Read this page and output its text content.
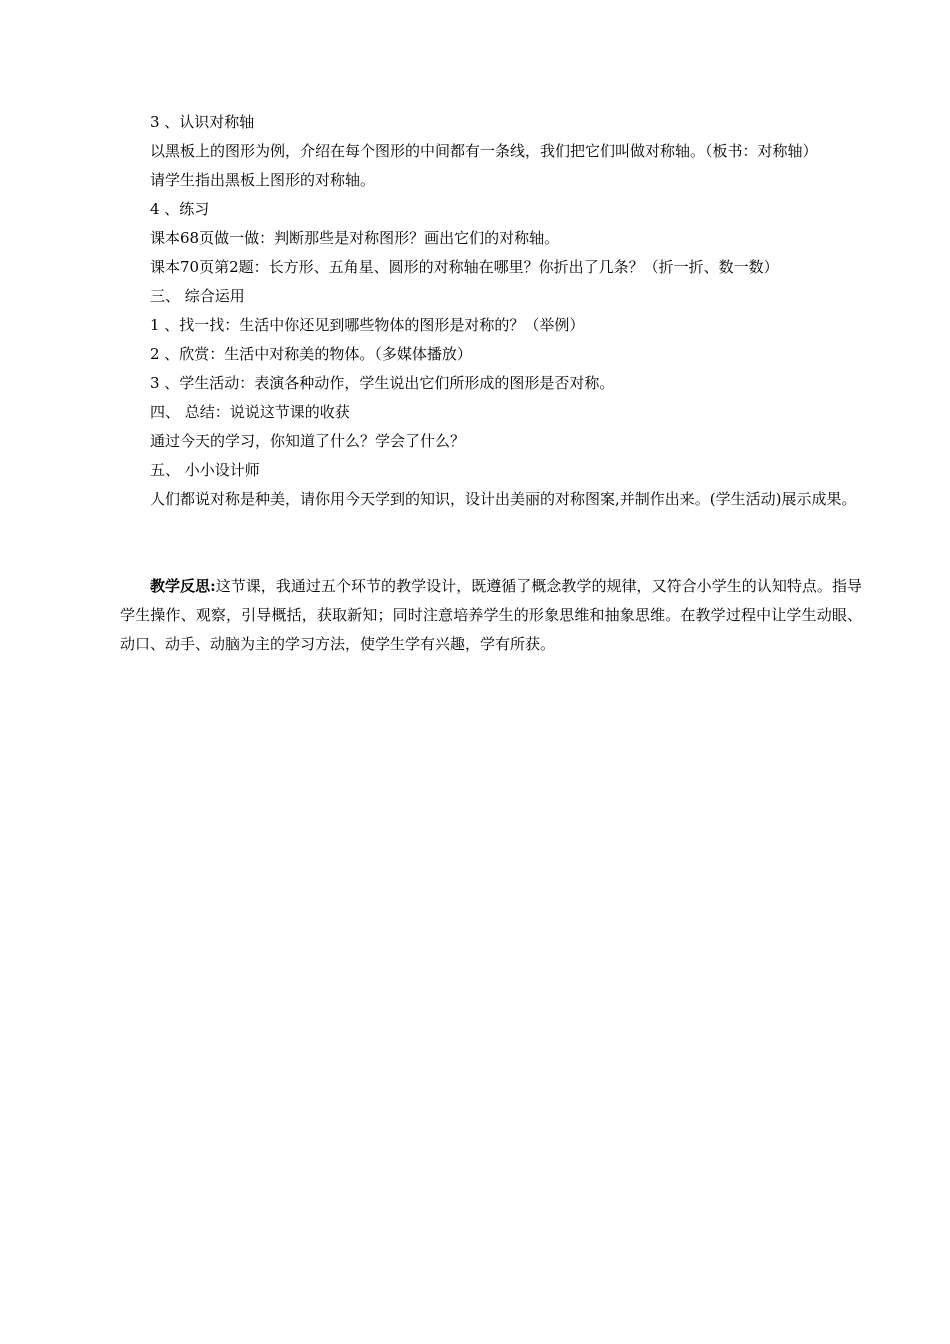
3 、认识对称轴

以黑板上的图形为例，介绍在每个图形的中间都有一条线，我们把它们叫做对称轴。（板书：对称轴）

请学生指出黑板上图形的对称轴。

4 、练习

课本68页做一做：判断那些是对称图形？画出它们的对称轴。

课本70页第2题：长方形、五角星、圆形的对称轴在哪里？你折出了几条？（折一折、数一数）

三、 综合运用

1 、找一找：生活中你还见到哪些物体的图形是对称的？（举例）

2 、欣赏：生活中对称美的物体。（多媒体播放）

3 、学生活动：表演各种动作，学生说出它们所形成的图形是否对称。

四、 总结：说说这节课的收获

通过今天的学习，你知道了什么？学会了什么？

五、 小小设计师

人们都说对称是种美，请你用今天学到的知识，设计出美丽的对称图案,并制作出来。(学生活动)展示成果。

教学反思:这节课，我通过五个环节的教学设计，既遵循了概念教学的规律，又符合小学生的认知特点。指导学生操作、观察，引导概括，获取新知；同时注意培养学生的形象思维和抽象思维。在教学过程中让学生动眼、动口、动手、动脑为主的学习方法，使学生学有兴趣，学有所获。
